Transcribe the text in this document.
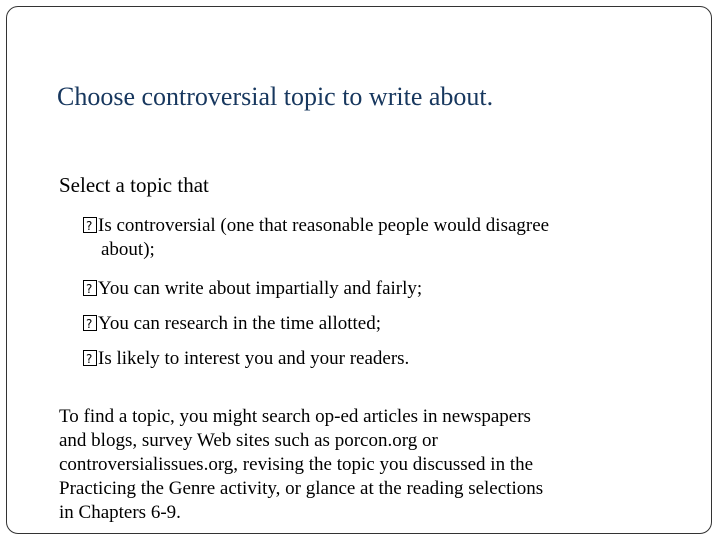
Choose controversial topic to write about.
Select a topic that
?Is controversial (one that reasonable people would disagree
about);
?You can write about impartially and fairly;
?You can research in the time allotted;
?Is likely to interest you and your readers.
To find a topic, you might search op-ed articles in newspapers
and blogs, survey Web sites such as porcon.org or
controversialissues.org, revising the topic you discussed in the
Practicing the Genre activity, or glance at the reading selections
in Chapters 6-9.
